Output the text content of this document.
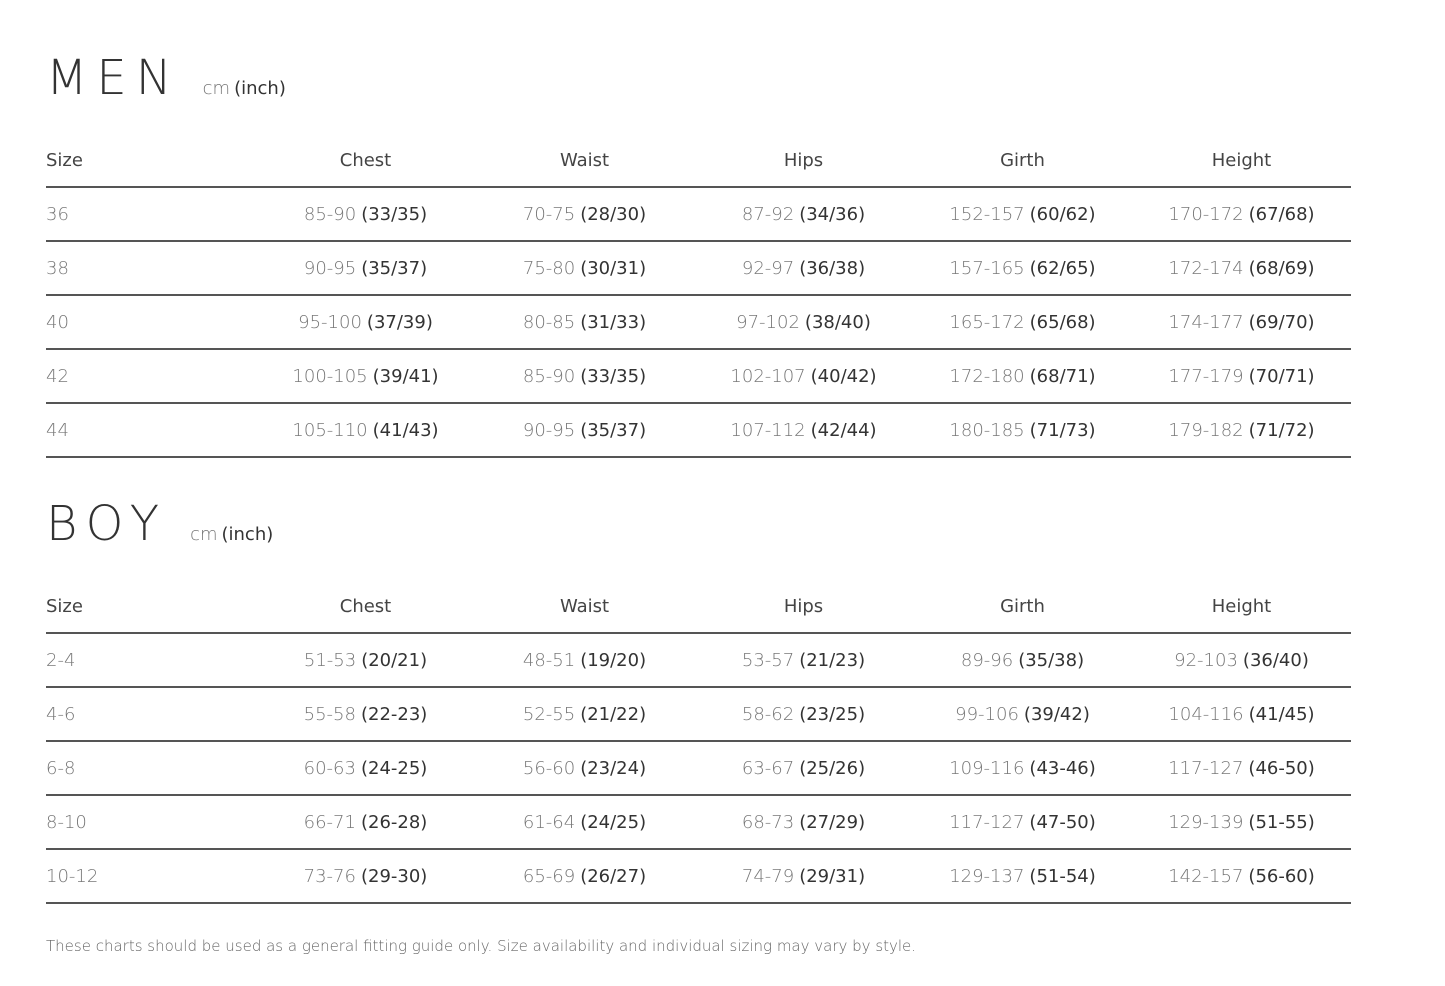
MEN cm (inch)
Size	Chest	Waist	Hips	Girth	Height
36	85-90 (33/35)	70-75 (28/30)	87-92 (34/36)	152-157 (60/62)	170-172 (67/68)
38	90-95 (35/37)	75-80 (30/31)	92-97 (36/38)	157-165 (62/65)	172-174 (68/69)
40	95-100 (37/39)	80-85 (31/33)	97-102 (38/40)	165-172 (65/68)	174-177 (69/70)
42	100-105 (39/41)	85-90 (33/35)	102-107 (40/42)	172-180 (68/71)	177-179 (70/71)
44	105-110 (41/43)	90-95 (35/37)	107-112 (42/44)	180-185 (71/73)	179-182 (71/72)
BOY cm (inch)
Size	Chest	Waist	Hips	Girth	Height
2-4	51-53 (20/21)	48-51 (19/20)	53-57 (21/23)	89-96 (35/38)	92-103 (36/40)
4-6	55-58 (22-23)	52-55 (21/22)	58-62 (23/25)	99-106 (39/42)	104-116 (41/45)
6-8	60-63 (24-25)	56-60 (23/24)	63-67 (25/26)	109-116 (43-46)	117-127 (46-50)
8-10	66-71 (26-28)	61-64 (24/25)	68-73 (27/29)	117-127 (47-50)	129-139 (51-55)
10-12	73-76 (29-30)	65-69 (26/27)	74-79 (29/31)	129-137 (51-54)	142-157 (56-60)
These charts should be used as a general fitting guide only. Size availability and individual sizing may vary by style.
